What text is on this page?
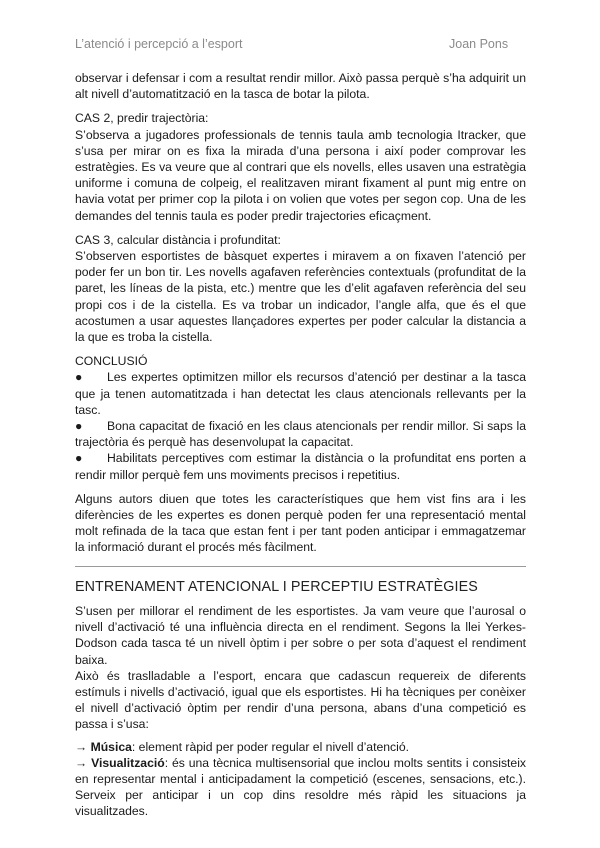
L’atenció i percepció a l’esport	Joan Pons

observar i defensar i com a resultat rendir millor. Això passa perquè s’ha adquirit un alt nivell d’automatització en la tasca de botar la pilota.

CAS 2, predir trajectòria:

S’observa a jugadores professionals de tennis taula amb tecnologia Itracker, que s’usa per mirar on es fixa la mirada d’una persona i així poder comprovar les estratègies. Es va veure que al contrari que els novells, elles usaven una estratègia uniforme i comuna de colpeig, el realitzaven mirant fixament al punt mig entre on havia votat per primer cop la pilota i on volien que votes per segon cop. Una de les demandes del tennis taula es poder predir trajectories eficaçment.

CAS 3, calcular distància i profunditat:

S’observen esportistes de bàsquet expertes i miravem a on fixaven l’atenció per poder fer un bon tir. Les novells agafaven referències contextuals (profunditat de la paret, les líneas de la pista, etc.) mentre que les d’elit agafaven referència del seu propi cos i de la cistella. Es va trobar un indicador, l’angle alfa, que és el que acostumen a usar aquestes llançadores expertes per poder calcular la distancia a la que es troba la cistella.

CONCLUSIÓ

● Les expertes optimitzen millor els recursos d’atenció per destinar a la tasca que ja tenen automatitzada i han detectat les claus atencionals rellevants per la tasc.

● Bona capacitat de fixació en les claus atencionals per rendir millor. Si saps la trajectòria és perquè has desenvolupat la capacitat.

● Habilitats perceptives com estimar la distància o la profunditat ens porten a rendir millor perquè fem uns moviments precisos i repetitius.

Alguns autors diuen que totes les característiques que hem vist fins ara i les diferències de les expertes es donen perquè poden fer una representació mental molt refinada de la taca que estan fent i per tant poden anticipar i emmagatzemar la informació durant el procés més fàcilment.

ENTRENAMENT ATENCIONAL I PERCEPTIU ESTRATÈGIES

S’usen per millorar el rendiment de les esportistes. Ja vam veure que l’aurosal o nivell d’activació té una influència directa en el rendiment. Segons la llei Yerkes-Dodson cada tasca té un nivell òptim i per sobre o per sota d’aquest el rendiment baixa.

Això és traslladable a l’esport, encara que cadascun requereix de diferents estímuls i nivells d’activació, igual que els esportistes. Hi ha tècniques per conèixer el nivell d’activació òptim per rendir d’una persona, abans d’una competició es passa i s’usa:

→ Música: element ràpid per poder regular el nivell d’atenció.

→ Visualització: és una tècnica multisensorial que inclou molts sentits i consisteix en representar mental i anticipadament la competició (escenes, sensacions, etc.). Serveix per anticipar i un cop dins resoldre més ràpid les situacions ja visualitzades.
